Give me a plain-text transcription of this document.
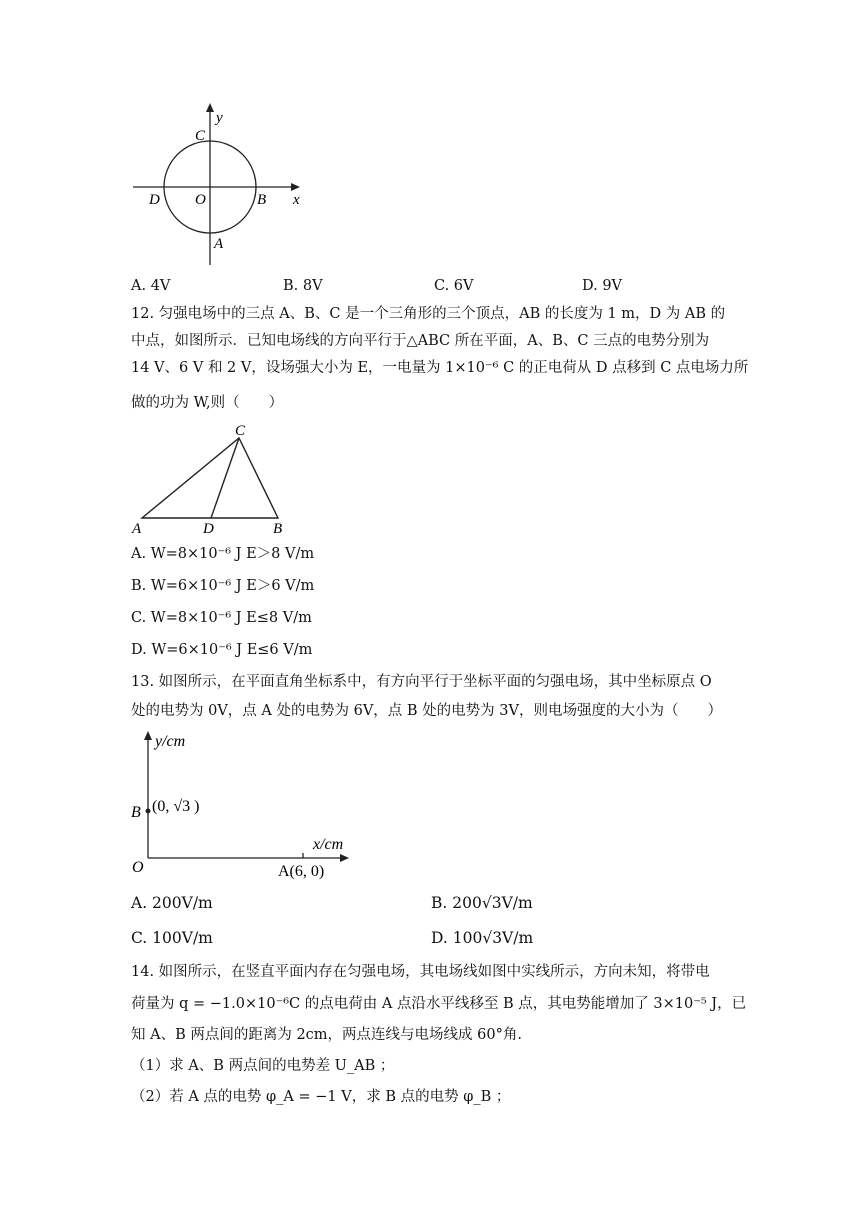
y
x
C
D O	B
A
A. 4V	B. 8V	C. 6V	D. 9V
12. 匀强电场中的三点 A、B、C 是一个三角形的三个顶点，AB 的长度为 1 m，D 为 AB 的
中点，如图所示．已知电场线的方向平行于△ABC 所在平面，A、B、C 三点的电势分别为
14 V、6 V 和 2 V，设场强大小为 E，一电量为 1×10⁻⁶ C 的正电荷从 D 点移到 C 点电场力所
做的功为 W,则（　　）
C
A	D	B
A. W=8×10⁻⁶ J E＞8 V/m
B. W=6×10⁻⁶ J E＞6 V/m
C. W=8×10⁻⁶ J E≤8 V/m
D. W=6×10⁻⁶ J E≤6 V/m
13. 如图所示，在平面直角坐标系中，有方向平行于坐标平面的匀强电场，其中坐标原点 O
处的电势为 0V，点 A 处的电势为 6V，点 B 处的电势为 3V，则电场强度的大小为（　　）
y/cm
x/cm
O
B (0, √3 )
A(6, 0)
A. 200V/m	B. 200√3V/m
C. 100V/m	D. 100√3V/m
14. 如图所示，在竖直平面内存在匀强电场，其电场线如图中实线所示，方向未知，将带电
荷量为 q = −1.0×10⁻⁶C 的点电荷由 A 点沿水平线移至 B 点，其电势能增加了 3×10⁻⁵ J，已
知 A、B 两点间的距离为 2cm，两点连线与电场线成 60°角.
（1）求 A、B 两点间的电势差 U_AB ；
（2）若 A 点的电势 φ_A = −1 V，求 B 点的电势 φ_B ；
